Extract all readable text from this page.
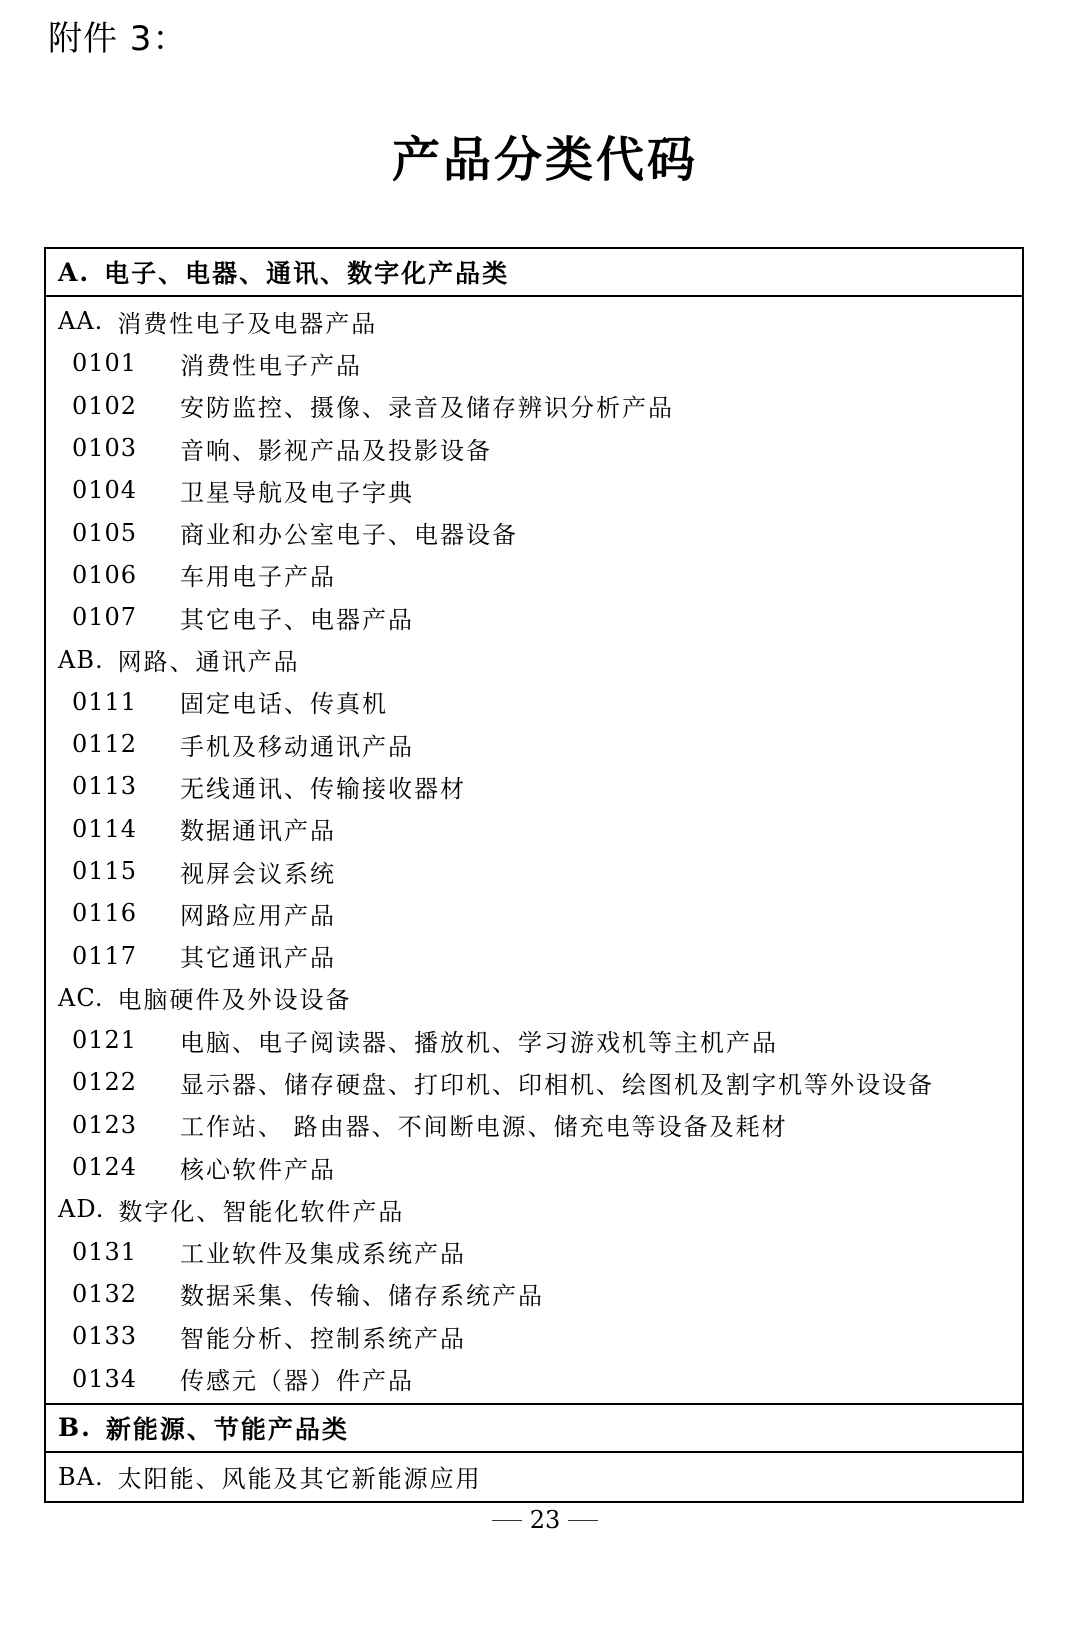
附件 3：
产品分类代码
A. 电子、电器、通讯、数字化产品类
AA. 消费性电子及电器产品
0101	消费性电子产品
0102	安防监控、摄像、录音及储存辨识分析产品
0103	音响、影视产品及投影设备
0104	卫星导航及电子字典
0105	商业和办公室电子、电器设备
0106	车用电子产品
0107	其它电子、电器产品
AB. 网路、通讯产品
0111	固定电话、传真机
0112	手机及移动通讯产品
0113	无线通讯、传输接收器材
0114	数据通讯产品
0115	视屏会议系统
0116	网路应用产品
0117	其它通讯产品
AC. 电脑硬件及外设设备
0121	电脑、电子阅读器、播放机、学习游戏机等主机产品
0122	显示器、储存硬盘、打印机、印相机、绘图机及割字机等外设设备
0123	工作站、 路由器、不间断电源、储充电等设备及耗材
0124	核心软件产品
AD. 数字化、智能化软件产品
0131	工业软件及集成系统产品
0132	数据采集、传输、储存系统产品
0133	智能分析、控制系统产品
0134	传感元（器）件产品
B. 新能源、节能产品类
BA. 太阳能、风能及其它新能源应用
23
